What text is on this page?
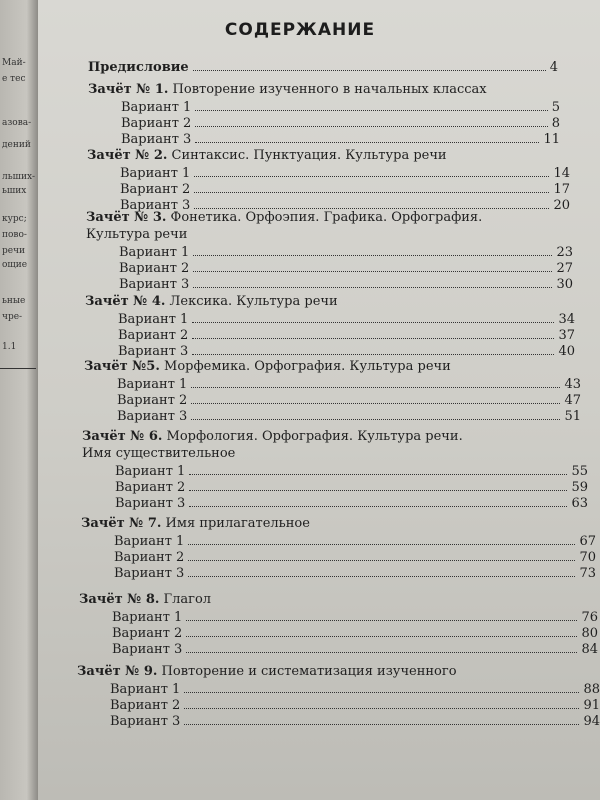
Май-
е тес
азова-
дений
льших-
ьших
курс;
пово-
речи
ощие
ьные
чре-
1.1
СОДЕРЖАНИЕ
Предисловие	4
Зачёт № 1. Повторение изученного в начальных классах
Вариант 1	5
Вариант 2	8
Вариант 3	11
Зачёт № 2. Синтаксис. Пунктуация. Культура речи
Вариант 1	14
Вариант 2	17
Вариант 3	20
Зачёт № 3. Фонетика. Орфоэпия. Графика. Орфография.
Культура речи
Вариант 1	23
Вариант 2	27
Вариант 3	30
Зачёт № 4. Лексика. Культура речи
Вариант 1	34
Вариант 2	37
Вариант 3	40
Зачёт №5. Морфемика. Орфография. Культура речи
Вариант 1	43
Вариант 2	47
Вариант 3	51
Зачёт № 6. Морфология. Орфография. Культура речи.
Имя существительное
Вариант 1	55
Вариант 2	59
Вариант 3	63
Зачёт № 7. Имя прилагательное
Вариант 1	67
Вариант 2	70
Вариант 3	73
Зачёт № 8. Глагол
Вариант 1	76
Вариант 2	80
Вариант 3	84
Зачёт № 9. Повторение и систематизация изученного
Вариант 1	88
Вариант 2	91
Вариант 3	94
